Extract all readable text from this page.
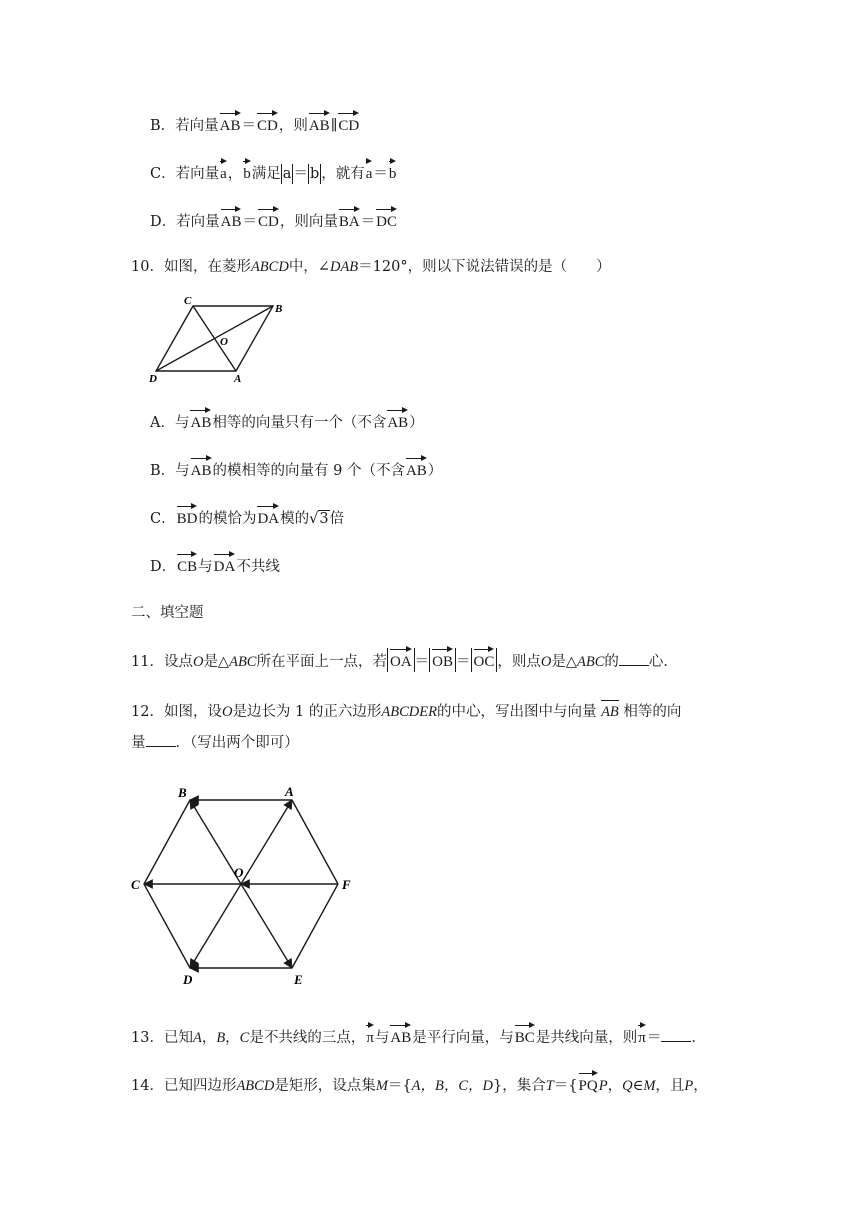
B．若向量AB＝CD，则AB∥CD
C．若向量a，b满足 a ＝ b ，就有a＝b
D．若向量AB＝CD，则向量BA＝DC
10．如图，在菱形ABCD中，∠DAB＝120°，则以下说法错误的是（　　）
C
B
O
D	A
A．与AB相等的向量只有一个（不含AB）
B．与AB的模相等的向量有 9 个（不含AB）
C．BD的模恰为DA模的√3倍
D．CB与DA不共线
二、填空题
11．设点O是△ABC所在平面上一点，若 OA ＝ OB ＝ OC ，则点O是△ABC的 心．
12．如图，设O是边长为 1 的正六边形ABCDER的中心，写出图中与向量 AB 相等的向
量 ．（写出两个即可）
B	A
C
O
F
D	E
13．已知A，B，C是不共线的三点，π与AB是平行向量，与BC是共线向量，则π＝ ．
14．已知四边形ABCD是矩形，设点集M＝{A，B，C，D}，集合T＝{PQP，Q∈M，且P，
